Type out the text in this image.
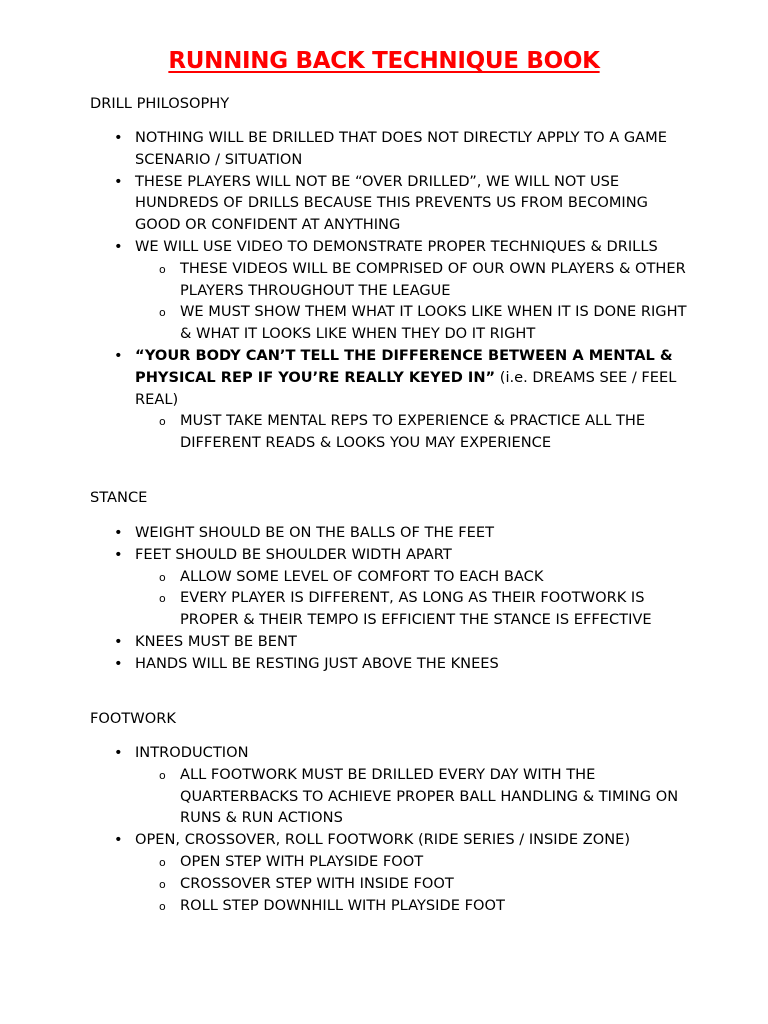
RUNNING BACK TECHNIQUE BOOK
DRILL PHILOSOPHY
• NOTHING WILL BE DRILLED THAT DOES NOT DIRECTLY APPLY TO A GAME SCENARIO / SITUATION
• THESE PLAYERS WILL NOT BE “OVER DRILLED”, WE WILL NOT USE HUNDREDS OF DRILLS BECAUSE THIS PREVENTS US FROM BECOMING GOOD OR CONFIDENT AT ANYTHING
• WE WILL USE VIDEO TO DEMONSTRATE PROPER TECHNIQUES & DRILLS
o THESE VIDEOS WILL BE COMPRISED OF OUR OWN PLAYERS & OTHER PLAYERS THROUGHOUT THE LEAGUE
o WE MUST SHOW THEM WHAT IT LOOKS LIKE WHEN IT IS DONE RIGHT & WHAT IT LOOKS LIKE WHEN THEY DO IT RIGHT
• “YOUR BODY CAN’T TELL THE DIFFERENCE BETWEEN A MENTAL & PHYSICAL REP IF YOU’RE REALLY KEYED IN” (i.e. DREAMS SEE / FEEL REAL)
o MUST TAKE MENTAL REPS TO EXPERIENCE & PRACTICE ALL THE DIFFERENT READS & LOOKS YOU MAY EXPERIENCE
STANCE
• WEIGHT SHOULD BE ON THE BALLS OF THE FEET
• FEET SHOULD BE SHOULDER WIDTH APART
o ALLOW SOME LEVEL OF COMFORT TO EACH BACK
o EVERY PLAYER IS DIFFERENT, AS LONG AS THEIR FOOTWORK IS PROPER & THEIR TEMPO IS EFFICIENT THE STANCE IS EFFECTIVE
• KNEES MUST BE BENT
• HANDS WILL BE RESTING JUST ABOVE THE KNEES
FOOTWORK
• INTRODUCTION
o ALL FOOTWORK MUST BE DRILLED EVERY DAY WITH THE QUARTERBACKS TO ACHIEVE PROPER BALL HANDLING & TIMING ON RUNS & RUN ACTIONS
• OPEN, CROSSOVER, ROLL FOOTWORK (RIDE SERIES / INSIDE ZONE)
o OPEN STEP WITH PLAYSIDE FOOT
o CROSSOVER STEP WITH INSIDE FOOT
o ROLL STEP DOWNHILL WITH PLAYSIDE FOOT
